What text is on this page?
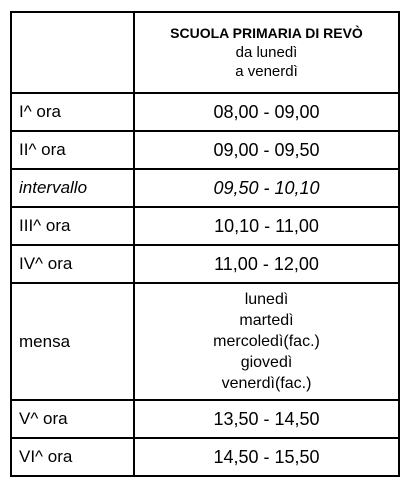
	SCUOLA PRIMARIA DI REVÒ
da lunedì
a venerdì

I^ ora	08,00 - 09,00
II^ ora	09,00 - 09,50
intervallo	09,50 - 10,10
III^ ora	10,10 - 11,00
IV^ ora	11,00 - 12,00
mensa	lunedì
martedì
mercoledì(fac.)
giovedì
venerdì(fac.)

V^ ora	13,50 - 14,50
VI^ ora	14,50 - 15,50
